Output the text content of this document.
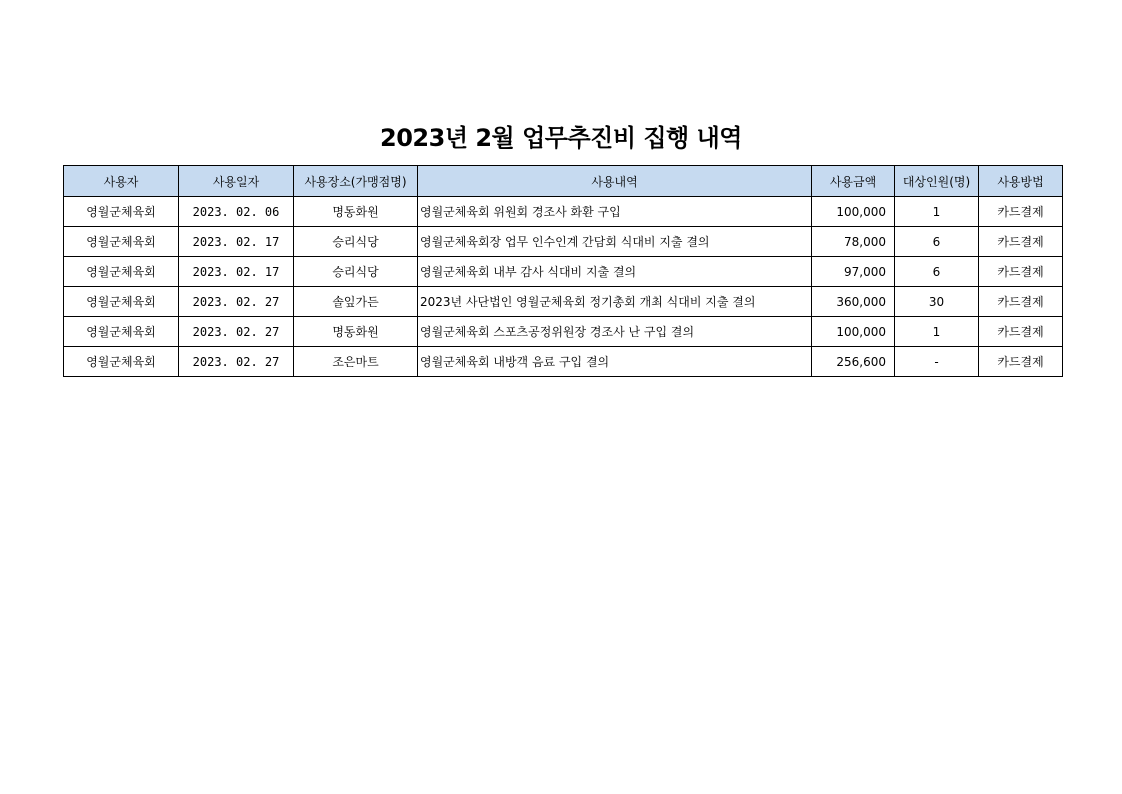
2023년 2월 업무추진비 집행 내역
사용자	사용일자	사용장소(가맹점명)	사용내역	사용금액	대상인원(명)	사용방법
영월군체육회	2023. 02. 06	명동화원	영월군체육회 위원회 경조사 화환 구입	100,000	1	카드결제
영월군체육회	2023. 02. 17	승리식당	영월군체육회장 업무 인수인계 간담회 식대비 지출 결의	78,000	6	카드결제
영월군체육회	2023. 02. 17	승리식당	영월군체육회 내부 감사 식대비 지출 결의	97,000	6	카드결제
영월군체육회	2023. 02. 27	솔잎가든	2023년 사단법인 영월군체육회 정기총회 개최 식대비 지출 결의	360,000	30	카드결제
영월군체육회	2023. 02. 27	명동화원	영월군체육회 스포츠공정위원장 경조사 난 구입 결의	100,000	1	카드결제
영월군체육회	2023. 02. 27	조은마트	영월군체육회 내방객 음료 구입 결의	256,600	-	카드결제
